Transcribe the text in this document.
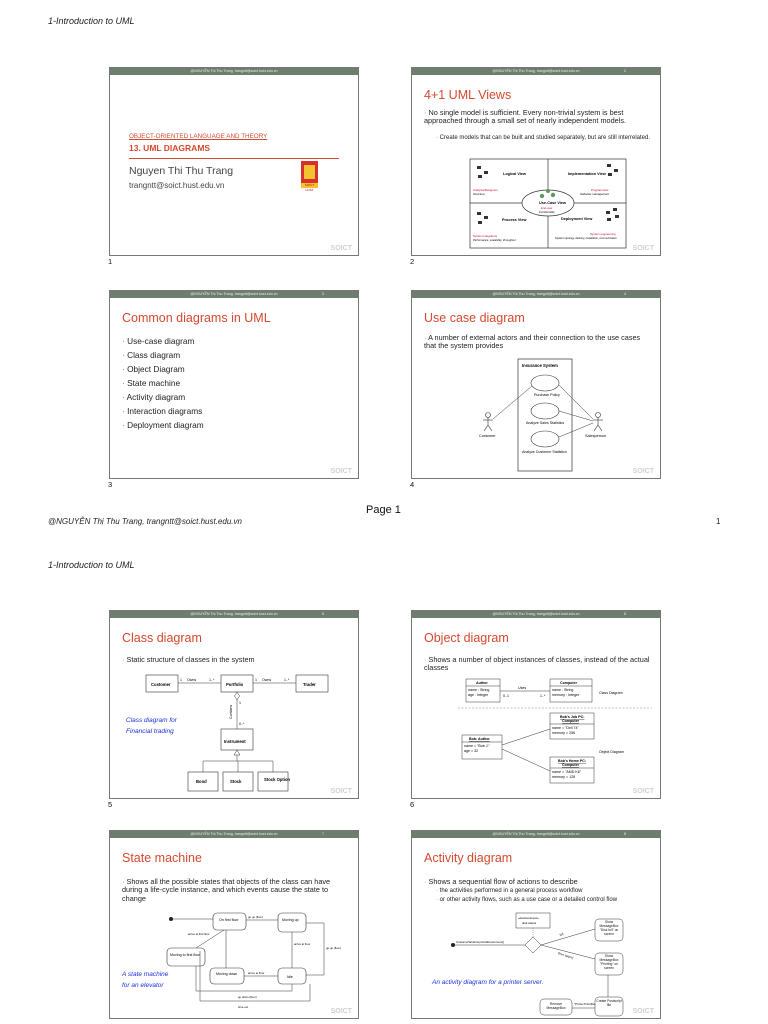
1-Introduction to UML
@NGUYỄN Thị Thu Trang, trangntt@soict.hust.edu.vn
OBJECT-ORIENTED LANGUAGE AND THEORY
13. UML DIAGRAMS
Nguyen Thi Thu Trang
trangntt@soict.hust.edu.vn	SOICT HUST
SOICT
1
@NGUYỄN Thị Thu Trang, trangntt@soict.hust.edu.vn	2
4+1 UML Views
· No single model is sufficient. Every non-trivial system is best approached through a small set of nearly independent models.
· Create models that can be built and studied separately, but are still interrelated.
Logical View	Implementation View
Process View	Deployment View
Use-Case View
End-user
Functionality
Analysts/Designers
Structure
Programmers
Software management
System integrators
Performance, scalability, throughput
System engineering
System topology, delivery, installation, communication
SOICT
2
@NGUYỄN Thị Thu Trang, trangntt@soict.hust.edu.vn	3
Common diagrams in UML
· Use-case diagram
· Class diagram
· Object Diagram
· State machine
· Activity diagram
· Interaction diagrams
· Deployment diagram
SOICT
3
@NGUYỄN Thị Thu Trang, trangntt@soict.hust.edu.vn	4
Use case diagram
· A number of external actors and their connection to the use cases that the system provides
Insurance System
Purchase Policy
Analyze Sales Statistics
Analyze Customer Statistics
Customer	Salesperson
SOICT
4
Page 1
@NGUYỄN Thị Thu Trang, trangntt@soict.hust.edu.vn	1
1-Introduction to UML
@NGUYỄN Thị Thu Trang, trangntt@soict.hust.edu.vn	5
Class diagram
· Static structure of classes in the system
Customer	Portfolio	Trader
Instrument
Bond	Stock	Stock Option
1 Owns	1..*	1 Owns	1..*
1
0..*
Contains
Class diagram for
Financial trading
SOICT
5
@NGUYỄN Thị Thu Trang, trangntt@soict.hust.edu.vn	6
Object diagram
· Shows a number of object instances of classes, instead of the actual classes
Author
name : String
age : Integer
Computer
name : String
memory : Integer
Uses
0..1	1..*
Class Diagram
Bob: Author
name = "Bob J."
age = 32
Bob's Job PC:
Computer
name = "Dell 74"
memory = 256
Bob's Home PC:
Computer
name = "AMD K6"
memory = 128
Object Diagram
SOICT
6
@NGUYỄN Thị Thu Trang, trangntt@soict.hust.edu.vn	7
State machine
· Shows all the possible states that objects of the class can have during a life-cycle instance, and which events cause the state to change
On first floor	Moving up
Moving to first floor
Moving down
Idle
go up (floor)
arrive at first floor
arrive at floor
go up (floor)
arrive at floor
go down (floor)
time-out
A state machine
for an elevator
SOICT
@NGUYỄN Thị Thu Trang, trangntt@soict.hust.edu.vn	8
Activity diagram
· Shows a sequential flow of actions to describe
· the activities performed in a general process workflow
· or other activity flows, such as a use case or a detailed control flow
«decisioninput»
disk status
CustomerWindow.printAllCustomers()
full
[free space]
Show MessageBox "Disk full" on screen
Show MessageBox "Printing" on screen
Create Postscript file
Remove MessageBox
^Printer.Print(file)
An activity diagram for a printer server.
SOICT
